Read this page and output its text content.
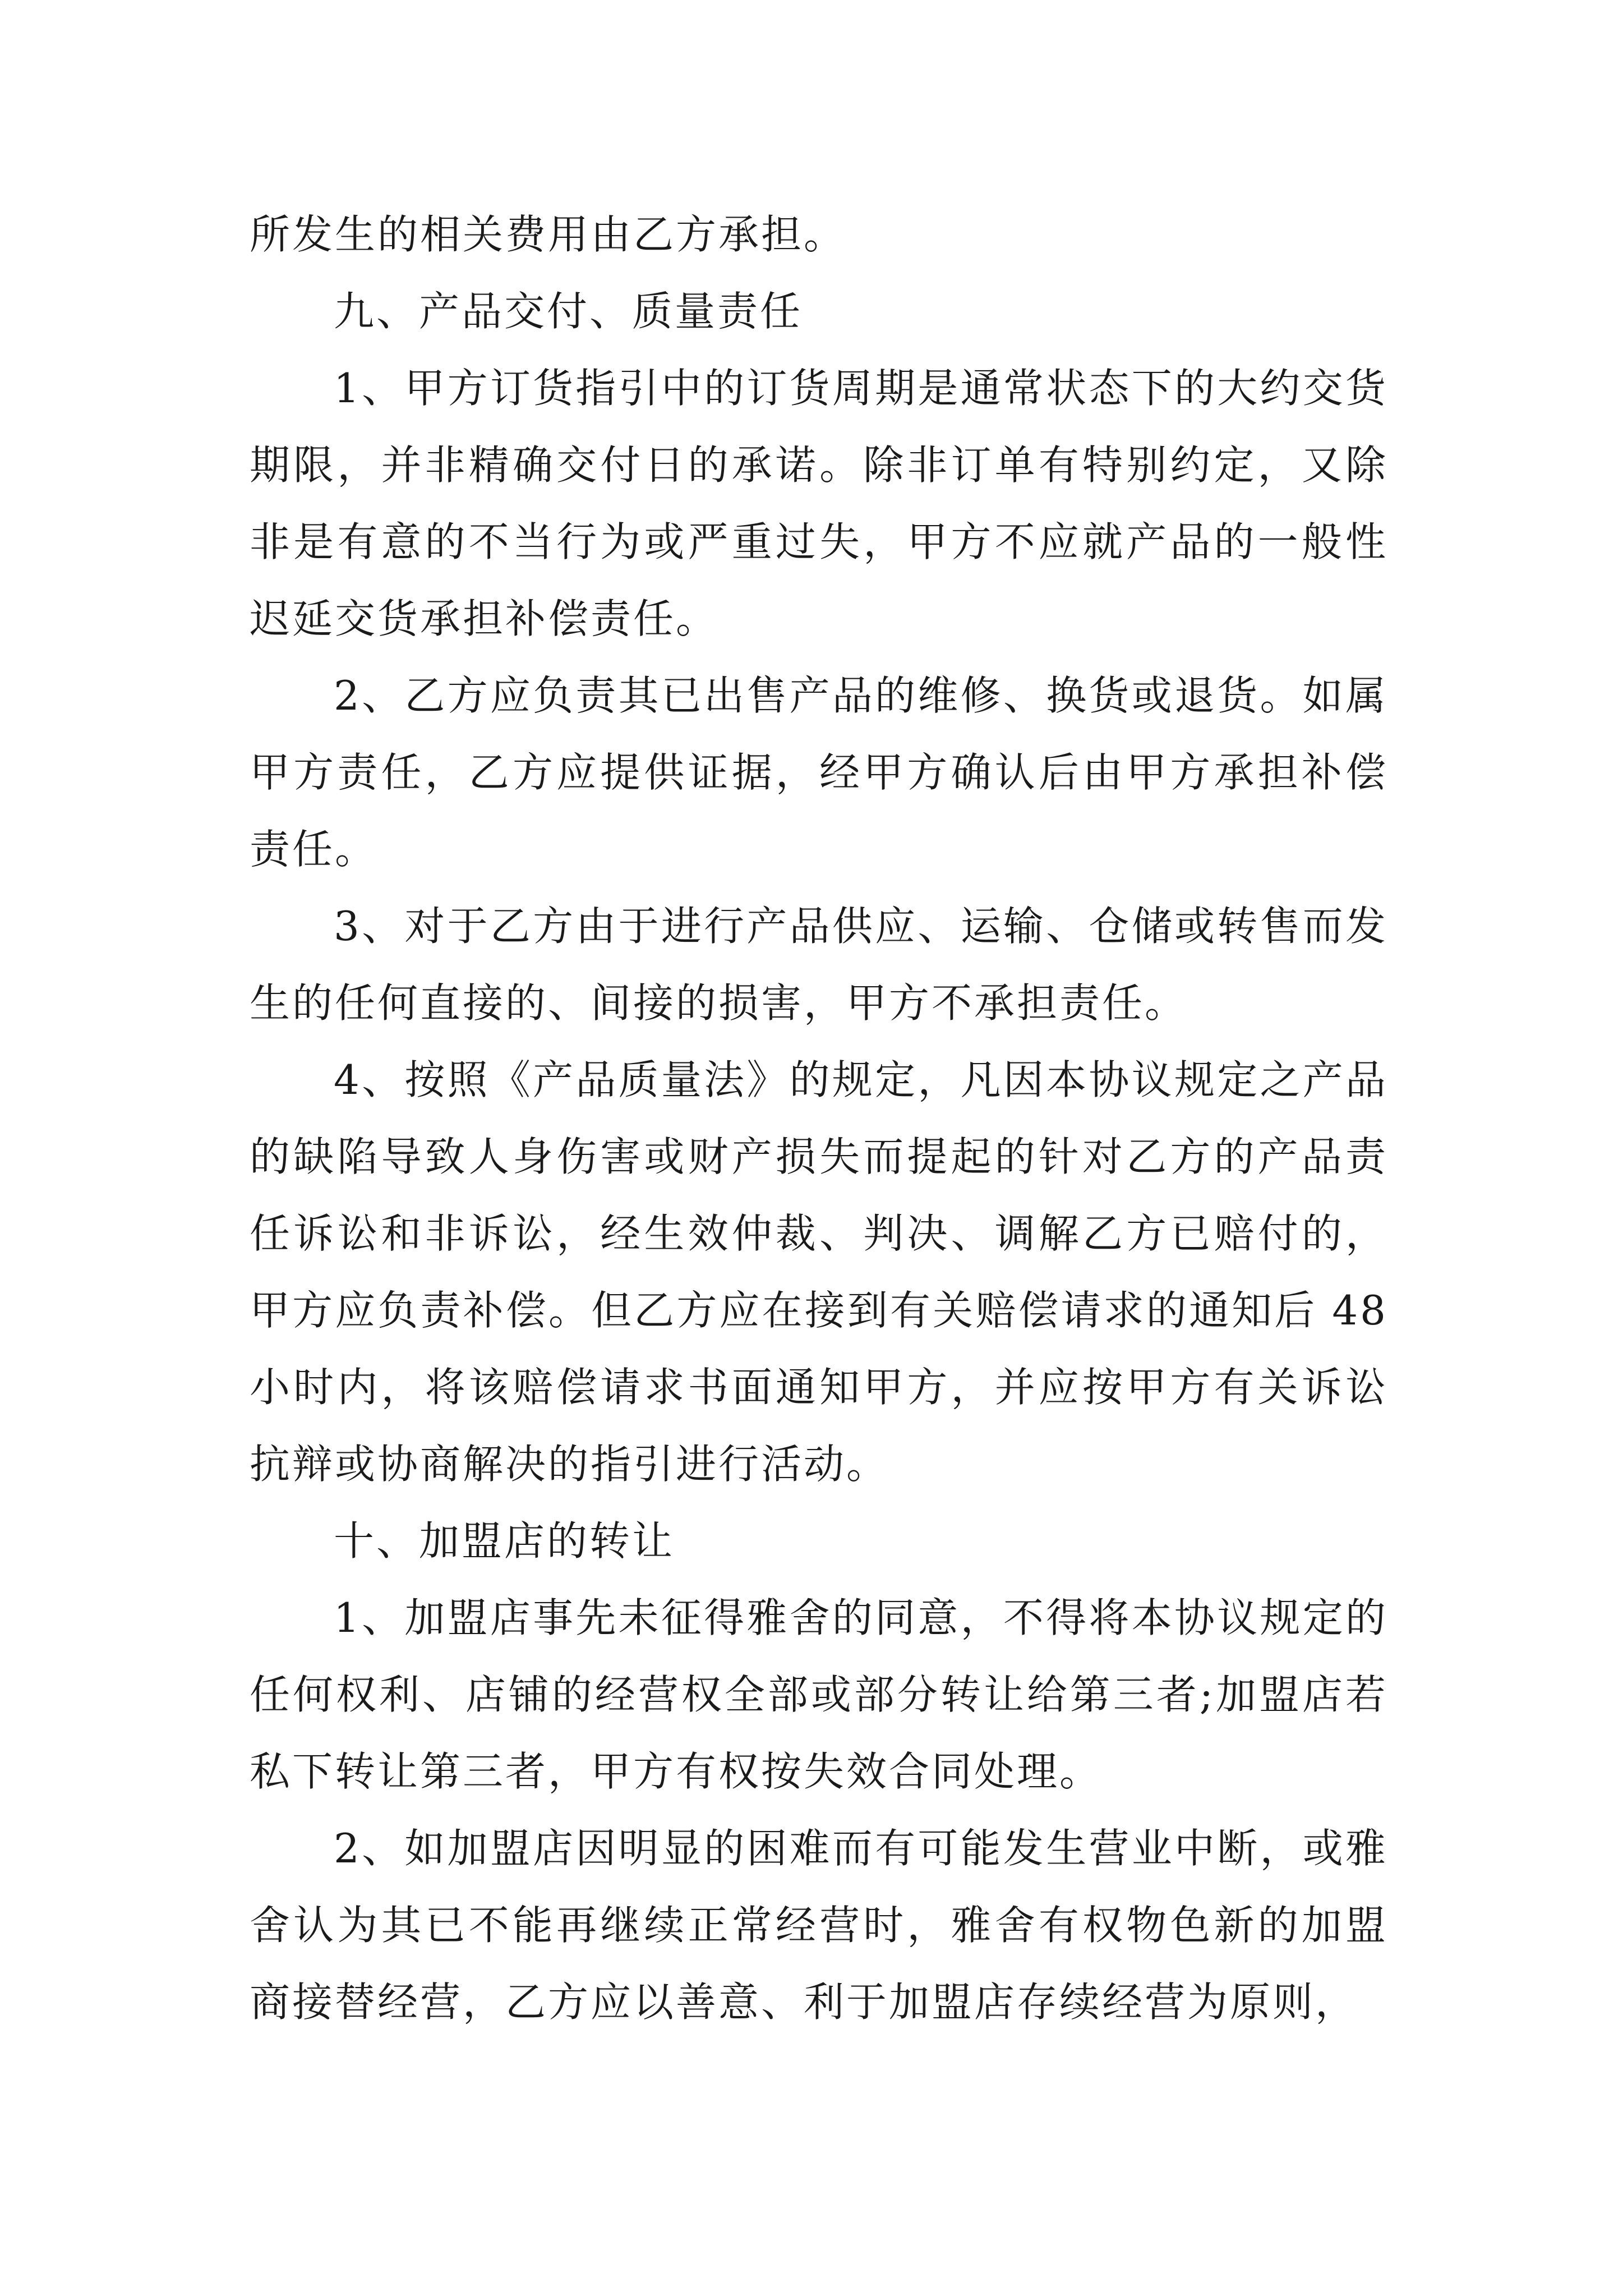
所发生的相关费用由乙方承担。

九、产品交付、质量责任

1、甲方订货指引中的订货周期是通常状态下的大约交货期限，并非精确交付日的承诺。除非订单有特别约定，又除非是有意的不当行为或严重过失，甲方不应就产品的一般性迟延交货承担补偿责任。

2、乙方应负责其已出售产品的维修、换货或退货。如属甲方责任，乙方应提供证据，经甲方确认后由甲方承担补偿责任。

3、对于乙方由于进行产品供应、运输、仓储或转售而发生的任何直接的、间接的损害，甲方不承担责任。

4、按照《产品质量法》的规定，凡因本协议规定之产品的缺陷导致人身伤害或财产损失而提起的针对乙方的产品责任诉讼和非诉讼，经生效仲裁、判决、调解乙方已赔付的，甲方应负责补偿。但乙方应在接到有关赔偿请求的通知后 48 小时内，将该赔偿请求书面通知甲方，并应按甲方有关诉讼抗辩或协商解决的指引进行活动。

十、加盟店的转让

1、加盟店事先未征得雅舍的同意，不得将本协议规定的任何权利、店铺的经营权全部或部分转让给第三者;加盟店若私下转让第三者，甲方有权按失效合同处理。

2、如加盟店因明显的困难而有可能发生营业中断，或雅舍认为其已不能再继续正常经营时，雅舍有权物色新的加盟商接替经营，乙方应以善意、利于加盟店存续经营为原则，
